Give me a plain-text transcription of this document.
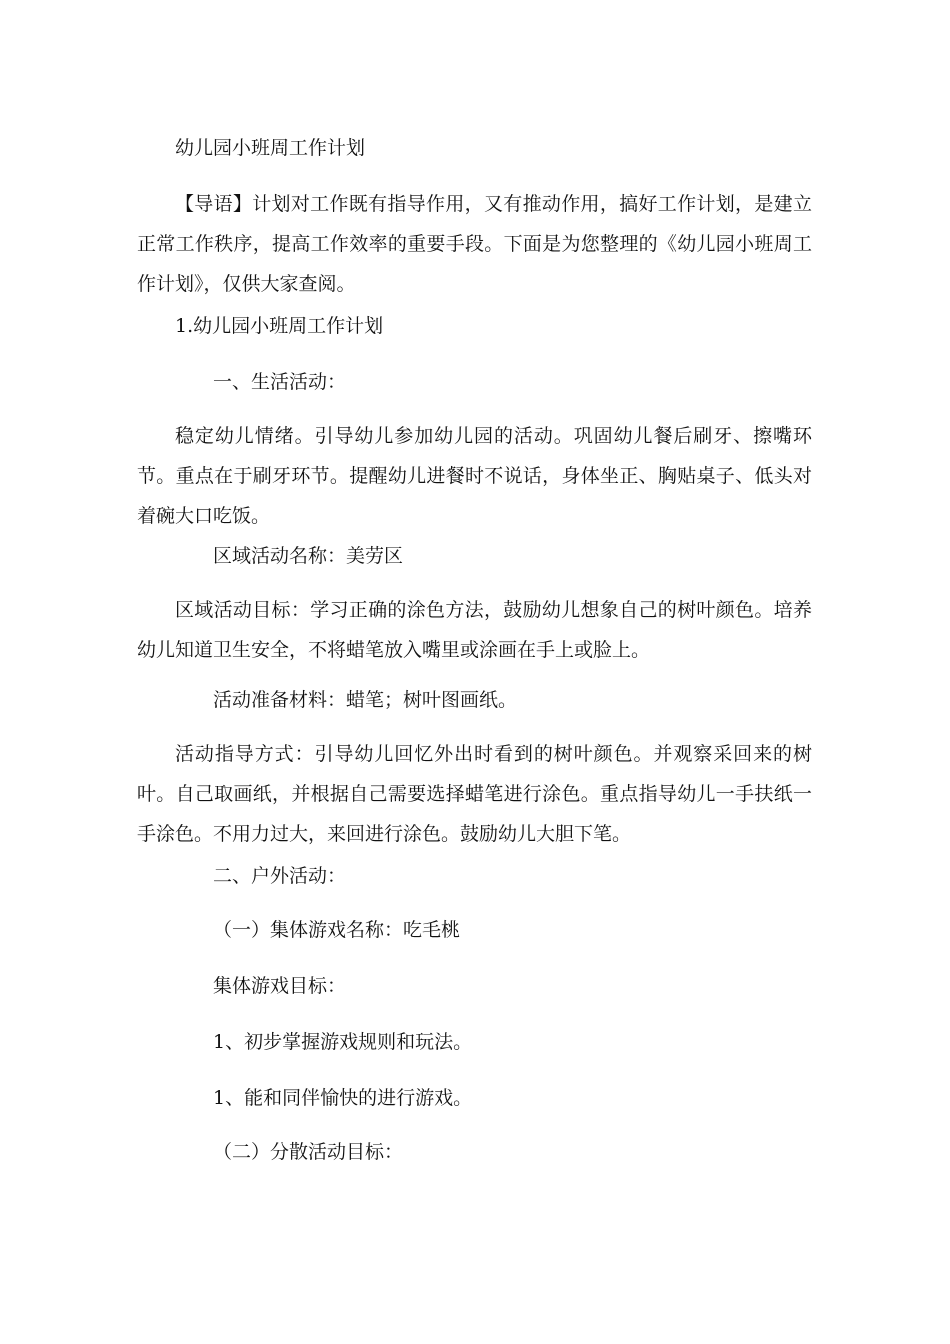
幼儿园小班周工作计划

【导语】计划对工作既有指导作用，又有推动作用，搞好工作计划，是建立正常工作秩序，提高工作效率的重要手段。下面是为您整理的《幼儿园小班周工作计划》，仅供大家查阅。

1.幼儿园小班周工作计划

一、生活活动：

稳定幼儿情绪。引导幼儿参加幼儿园的活动。巩固幼儿餐后刷牙、擦嘴环节。重点在于刷牙环节。提醒幼儿进餐时不说话，身体坐正、胸贴桌子、低头对着碗大口吃饭。

区域活动名称：美劳区

区域活动目标：学习正确的涂色方法，鼓励幼儿想象自己的树叶颜色。培养幼儿知道卫生安全，不将蜡笔放入嘴里或涂画在手上或脸上。

活动准备材料：蜡笔；树叶图画纸。

活动指导方式：引导幼儿回忆外出时看到的树叶颜色。并观察采回来的树叶。自己取画纸，并根据自己需要选择蜡笔进行涂色。重点指导幼儿一手扶纸一手涂色。不用力过大，来回进行涂色。鼓励幼儿大胆下笔。

二、户外活动：

（一）集体游戏名称：吃毛桃

集体游戏目标：

1、初步掌握游戏规则和玩法。

1、能和同伴愉快的进行游戏。

（二）分散活动目标：
